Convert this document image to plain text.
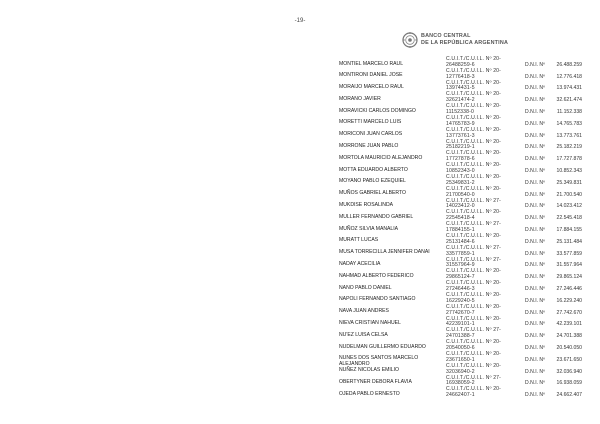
-19-
BANCO CENTRAL
DE LA REPÚBLICA ARGENTINA
MONTIEL MARCELO RAUL
C.U.I.T./C.U.I.L. Nº 20-26488259-6	D.N.I. Nº	26.488.259
MONTIRONI DANIEL JOSE
C.U.I.T./C.U.I.L. Nº 20-12776418-3	D.N.I. Nº	12.776.418
MORAIJO MARCELO RAUL
C.U.I.T./C.U.I.L. Nº 20-13974431-5	D.N.I. Nº	13.974.431
MORANO JAVIER
C.U.I.T./C.U.I.L. Nº 20-32621474-2	D.N.I. Nº	32.621.474
MORAVICKI CARLOS DOMINGO
C.U.I.T./C.U.I.L. Nº 20-11152338-0	D.N.I. Nº	11.152.338
MORETTI MARCELO LUIS
C.U.I.T./C.U.I.L. Nº 20-14765783-9	D.N.I. Nº	14.765.783
MORICONI JUAN CARLOS
C.U.I.T./C.U.I.L. Nº 20-13773761-3	D.N.I. Nº	13.773.761
MORRONE JUAN PABLO
C.U.I.T./C.U.I.L. Nº 20-25182219-1	D.N.I. Nº	25.182.219
MORTOLA MAURICIO ALEJANDRO
C.U.I.T./C.U.I.L. Nº 20-17727878-6	D.N.I. Nº	17.727.878
MOTTA EDUARDO ALBERTO
C.U.I.T./C.U.I.L. Nº 20-10852343-0	D.N.I. Nº	10.852.343
MOYANO PABLO EZEQUIEL
C.U.I.T./C.U.I.L. Nº 20-25349831-2	D.N.I. Nº	25.349.831
MUÑOS GABRIEL ALBERTO
C.U.I.T./C.U.I.L. Nº 20-21700540-0	D.N.I. Nº	21.700.540
MUKDISE ROSALINDA
C.U.I.T./C.U.I.L. Nº 27-14023412-0	D.N.I. Nº	14.023.412
MULLER FERNANDO GABRIEL
C.U.I.T./C.U.I.L. Nº 20-22545418-4	D.N.I. Nº	22.545.418
MUÑOZ SILVIA MANALIA
C.U.I.T./C.U.I.L. Nº 27-17884155-1	D.N.I. Nº	17.884.155
MURATT LUCAS
C.U.I.T./C.U.I.L. Nº 20-25131484-6	D.N.I. Nº	25.131.484
MUSA TORRECILLA JENNIFER DANAI
C.U.I.T./C.U.I.L. Nº 27-33577859-1	D.N.I. Nº	33.577.859
NADAY ACECILIA
C.U.I.T./C.U.I.L. Nº 27-31557964-9	D.N.I. Nº	31.557.964
NAHMAD ALBERTO FEDERICO
C.U.I.T./C.U.I.L. Nº 20-29865124-7	D.N.I. Nº	29.865.124
NANO PABLO DANIEL
C.U.I.T./C.U.I.L. Nº 20-27246446-3	D.N.I. Nº	27.246.446
NAPOLI FERNANDO SANTIAGO
C.U.I.T./C.U.I.L. Nº 20-16229240-5	D.N.I. Nº	16.229.240
NAVA JUAN ANDRES
C.U.I.T./C.U.I.L. Nº 20-27742670-7	D.N.I. Nº	27.742.670
NIEVA CRISTIAN NAHUEL
C.U.I.T./C.U.I.L. Nº 20-42239101-1	D.N.I. Nº	42.239.101
NU'EZ LUISA CELSA
C.U.I.T./C.U.I.L. Nº 27-24701388-7	D.N.I. Nº	24.701.388
NUDELMAN GUILLERMO EDUARDO
C.U.I.T./C.U.I.L. Nº 20-20540050-6	D.N.I. Nº	20.540.050
NUNES DOS SANTOS MARCELO ALEJANDRO
C.U.I.T./C.U.I.L. Nº 20-23671650-1	D.N.I. Nº	23.671.650
NUÑEZ NICOLAS EMILIO
C.U.I.T./C.U.I.L. Nº 20-32036940-2	D.N.I. Nº	32.036.940
OBERTYNER DEBORA FLAVIA
C.U.I.T./C.U.I.L. Nº 27-16938059-2	D.N.I. Nº	16.938.059
OJEDA PABLO ERNESTO
C.U.I.T./C.U.I.L. Nº 20-24662407-1	D.N.I. Nº	24.662.407
